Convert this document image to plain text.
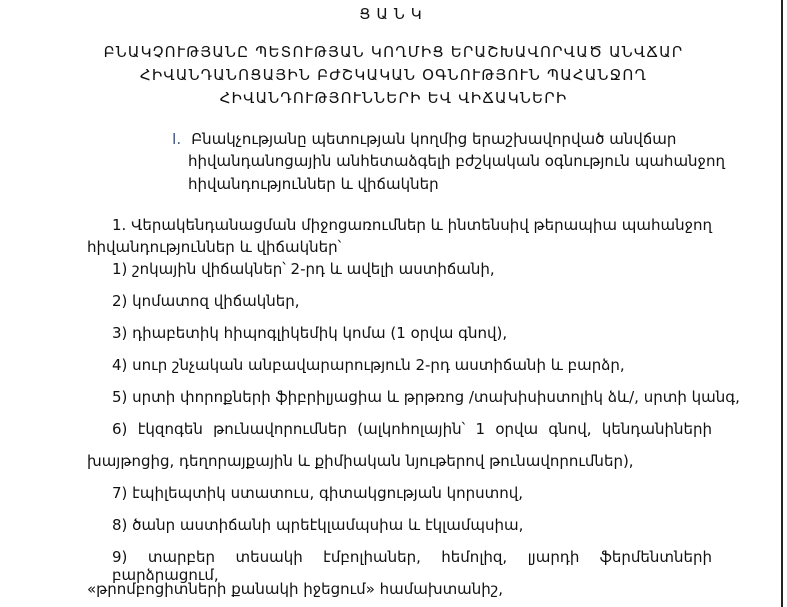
ՑԱՆԿ
ԲՆԱԿՉՈՒԹՅԱՆԸ ՊԵՏՈՒԹՅԱՆ ԿՈՂՄԻՑ ԵՐԱՇԽԱՎՈՐՎԱԾ ԱՆՎՃԱՐ
ՀԻՎԱՆԴԱՆՈՑԱՅԻՆ ԲԺՇԿԱԿԱՆ ՕԳՆՈՒԹՅՈՒՆ ՊԱՀԱՆՋՈՂ
ՀԻՎԱՆԴՈՒԹՅՈՒՆՆԵՐԻ ԵՎ ՎԻՃԱԿՆԵՐԻ
I. Բնակչությանը պետության կողմից երաշխավորված անվճար
հիվանդանոցային անհետաձգելի բժշկական օգնություն պահանջող
հիվանդություններ և վիճակներ
1. Վերակենդանացման միջոցառումներ և ինտենսիվ թերապիա պահանջող
հիվանդություններ և վիճակներ՝
1) շոկային վիճակներ՝ 2-րդ և ավելի աստիճանի,
2) կոմատոզ վիճակներ,
3) դիաբետիկ հիպոգլիկեմիկ կոմա (1 օրվա գնով),
4) սուր շնչական անբավարարություն 2-րդ աստիճանի և բարձր,
5) սրտի փորոքների ֆիբրիլյացիա և թրթռոց /տախիսիստոլիկ ձև/, սրտի կանգ,
6) էկզոգեն թունավորումներ (ալկոհոլային՝ 1 օրվա գնով, կենդանիների
խայթոցից, դեղորայքային և քիմիական նյութերով թունավորումներ),
7) էպիլեպտիկ ստատուս, գիտակցության կորստով,
8) ծանր աստիճանի պրեէկլամպսիա և էկլամպսիա,
9) տարբեր տեսակի էմբոլիաներ, հեմոլիզ, լյարդի ֆերմենտների բարձրացում,
«թրոմբոցիտների քանակի իջեցում» համախտանիշ,
